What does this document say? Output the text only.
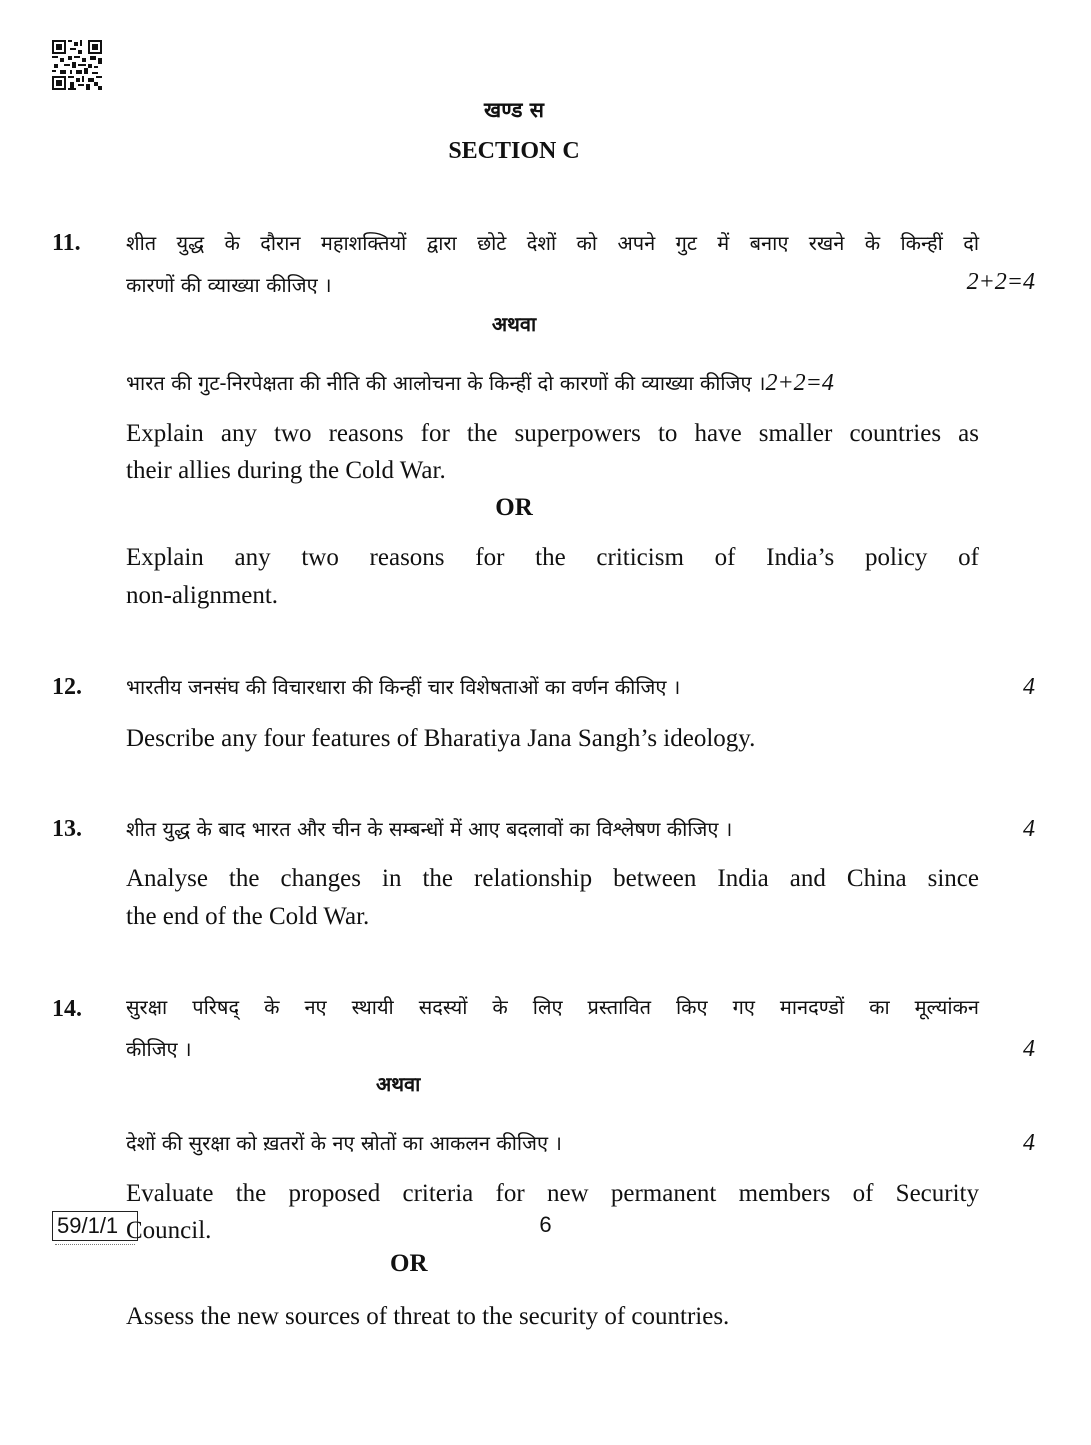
खण्ड स
SECTION C
11. शीत युद्ध के दौरान महाशक्तियों द्वारा छोटे देशों को अपने गुट में बनाए रखने के किन्हीं दो
कारणों की व्याख्या कीजिए ।	2+2=4
अथवा
भारत की गुट-निरपेक्षता की नीति की आलोचना के किन्हीं दो कारणों की व्याख्या कीजिए ।2+2=4
Explain any two reasons for the superpowers to have smaller countries as
their allies during the Cold War.
OR
Explain any two reasons for the criticism of India’s policy of
non-alignment.
12. भारतीय जनसंघ की विचारधारा की किन्हीं चार विशेषताओं का वर्णन कीजिए ।	4
Describe any four features of Bharatiya Jana Sangh’s ideology.
13. शीत युद्ध के बाद भारत और चीन के सम्बन्धों में आए बदलावों का विश्लेषण कीजिए ।	4
Analyse the changes in the relationship between India and China since
the end of the Cold War.
14. सुरक्षा परिषद् के नए स्थायी सदस्यों के लिए प्रस्तावित किए गए मानदण्डों का मूल्यांकन
कीजिए ।	4
अथवा
देशों की सुरक्षा को ख़तरों के नए स्रोतों का आकलन कीजिए ।	4
Evaluate the proposed criteria for new permanent members of Security
Council.
OR
Assess the new sources of threat to the security of countries.
59/1/1	6
